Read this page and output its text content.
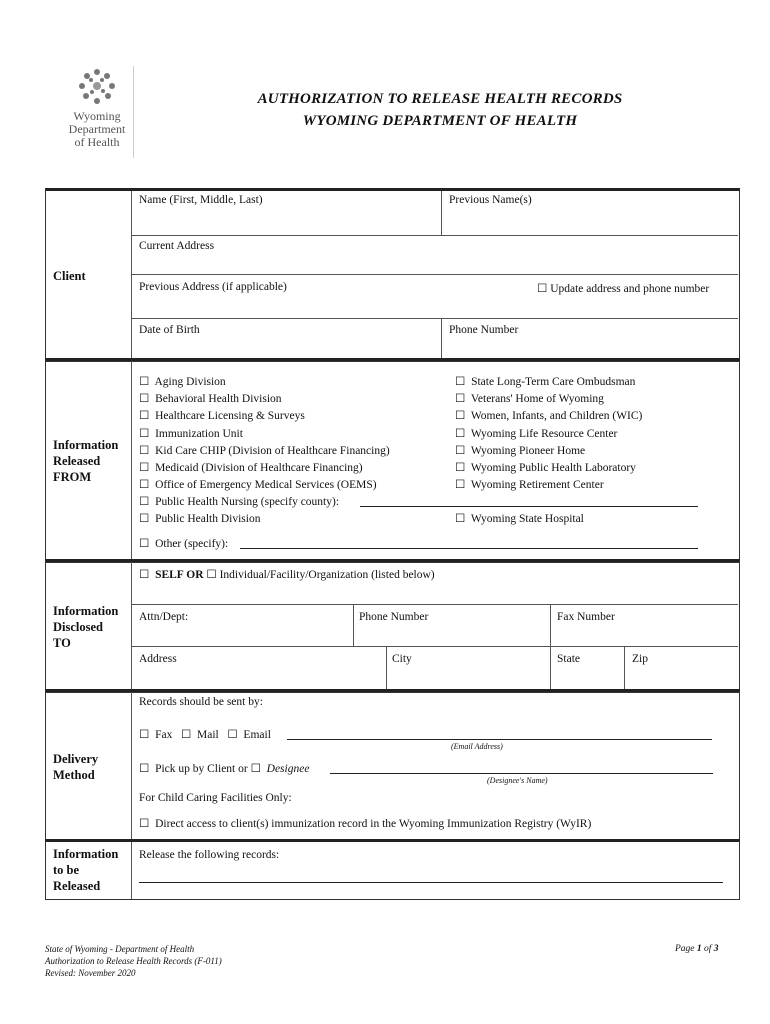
Wyoming
Department
of Health
AUTHORIZATION TO RELEASE HEALTH RECORDS
WYOMING DEPARTMENT OF HEALTH
Client
Name (First, Middle, Last)	Previous Name(s)
Current Address
Previous Address (if applicable)	☐ Update address and phone number
Date of Birth	Phone Number
Information
Released
FROM
☐  Aging Division
☐  Behavioral Health Division
☐  Healthcare Licensing & Surveys
☐  Immunization Unit
☐  Kid Care CHIP (Division of Healthcare Financing)
☐  Medicaid (Division of Healthcare Financing)
☐  Office of Emergency Medical Services (OEMS)
☐  State Long-Term Care Ombudsman
☐  Veterans' Home of Wyoming
☐  Women, Infants, and Children (WIC)
☐  Wyoming Life Resource Center
☐  Wyoming Pioneer Home
☐  Wyoming Public Health Laboratory
☐  Wyoming Retirement Center
☐  Public Health Nursing (specify county):
☐  Public Health Division	☐  Wyoming State Hospital
☐  Other (specify):
Information
Disclosed
TO
☐  SELF OR ☐ Individual/Facility/Organization (listed below)
Attn/Dept:	Phone Number	Fax Number
Address	City	State	Zip
Delivery
Method
Records should be sent by:
☐  Fax ☐  Mail ☐  Email
(Email Address)
☐  Pick up by Client or ☐  Designee
(Designee's Name)
For Child Caring Facilities Only:
☐  Direct access to client(s) immunization record in the Wyoming Immunization Registry (WyIR)
Information
to be
Released
Release the following records:
State of Wyoming - Department of Health
Authorization to Release Health Records (F-011)
Revised: November 2020
Page 1 of 3
